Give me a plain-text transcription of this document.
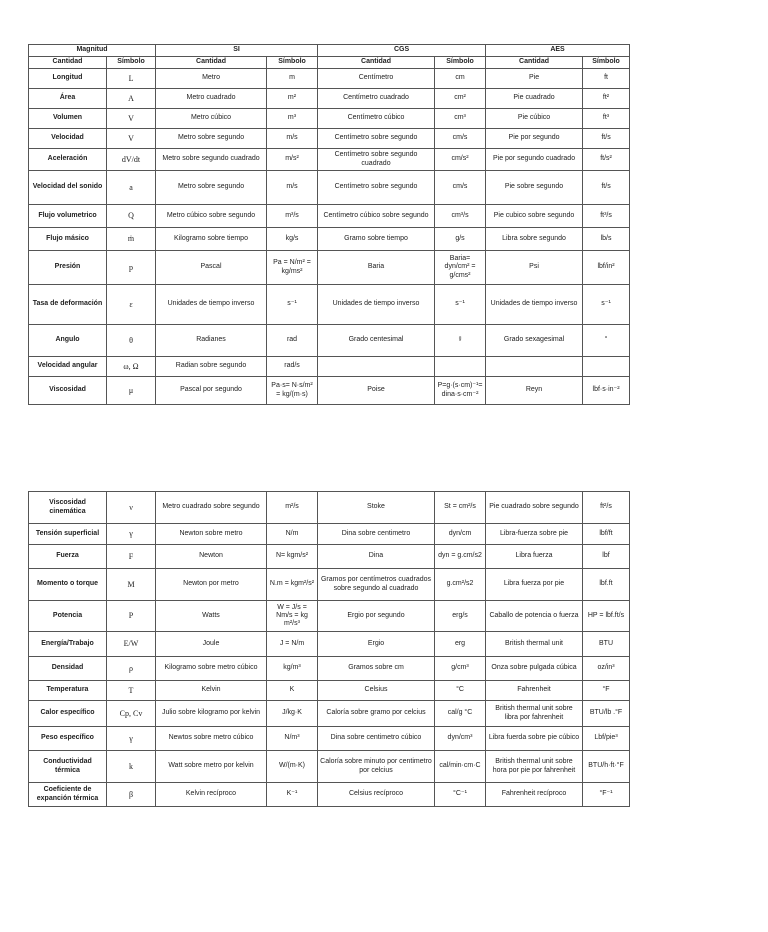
Magnitud		SI		CGS		AES	
Cantidad	Símbolo	Cantidad	Símbolo	Cantidad	Símbolo	Cantidad	Símbolo
Longitud	L	Metro	m	Centímetro	cm	Pie	ft
Área	A	Metro cuadrado	m²	Centímetro cuadrado	cm²	Pie cuadrado	ft²
Volumen	V	Metro cúbico	m³	Centímetro cúbico	cm³	Pie cúbico	ft³
Velocidad	V	Metro sobre segundo	m/s	Centímetro sobre segundo	cm/s	Pie por segundo	ft/s
Aceleración	dV/dt	Metro sobre segundo cuadrado	m/s²	Centímetro sobre segundo cuadrado	cm/s²	Pie por segundo cuadrado	ft/s²
Velocidad del sonido	a	Metro sobre segundo	m/s	Centímetro sobre segundo	cm/s	Pie sobre segundo	ft/s
Flujo volumetrico	Q	Metro cúbico sobre segundo	m³/s	Centímetro cúbico sobre segundo	cm³/s	Pie cubico sobre segundo	ft³/s
Flujo másico	ṁ	Kilogramo sobre tiempo	kg/s	Gramo sobre tiempo	g/s	Libra sobre segundo	lb/s
Presión	p	Pascal	Pa = N/m² = kg/ms²	Baria	Baria= dyn/cm² = g/cms²	Psi	lbf/in²
Tasa de deformación	ε	Unidades de tiempo inverso	s⁻¹	Unidades de tiempo inverso	s⁻¹	Unidades de tiempo inverso	s⁻¹
Angulo	θ	Radianes	rad	Grado centesimal	ᵍ	Grado sexagesimal	°
Velocidad angular	ω, Ω	Radian sobre segundo	rad/s				
Viscosidad	μ	Pascal por segundo	Pa·s= N·s/m² = kg/(m·s)	Poise	P=g·(s·cm)⁻¹= dina·s·cm⁻²	Reyn	lbf·s·in⁻²
Viscosidad cinemática	ν	Metro cuadrado sobre segundo	m²/s	Stoke	St = cm²/s	Pie cuadrado sobre segundo	ft²/s
Tensión superficial	γ	Newton sobre metro	N/m	Dina sobre centimetro	dyn/cm	Libra-fuerza sobre pie	lbf/ft
Fuerza	F	Newton	N= kgm/s²	Dina	dyn = g.cm/s2	Libra fuerza	lbf
Momento o torque	M	Newton por metro	N.m = kgm²/s²	Gramos por centímetros cuadrados sobre segundo al cuadrado	g.cm²/s2	Libra fuerza por pie	lbf.ft
Potencia	P	Watts	W = J/s = Nm/s = kg m²/s³	Ergio por segundo	erg/s	Caballo de potencia o fuerza	HP = lbf.ft/s
Energía/Trabajo	E/W	Joule	J = N/m	Ergio	erg	British thermal unit	BTU
Densidad	ρ	Kilogramo sobre metro cúbico	kg/m³	Gramos sobre cm	g/cm³	Onza sobre pulgada cúbica	oz/in³
Temperatura	T	Kelvin	K	Celsius	°C	Fahrenheit	°F
Calor específico	Cp, Cv	Julio sobre kilogramo por kelvin	J/kg·K	Caloría sobre gramo por celcius	cal/g °C	British thermal unit sobre libra por fahrenheit	BTU/lb .°F
Peso específico	γ	Newtos sobre metro cúbico	N/m³	Dina sobre centimetro cúbico	dyn/cm³	Libra fuerda sobre pie cúbico	Lbf/pie³
Conductividad térmica	k	Watt sobre metro por kelvin	W/(m·K)	Caloría sobre minuto por centimetro por celcius	cal/min·cm·C	British thermal unit sobre hora por pie por fahrenheit	BTU/h·ft·°F
Coeficiente de expanción térmica	β	Kelvin recíproco	K⁻¹	Celsius recíproco	°C⁻¹	Fahrenheit recíproco	°F⁻¹
